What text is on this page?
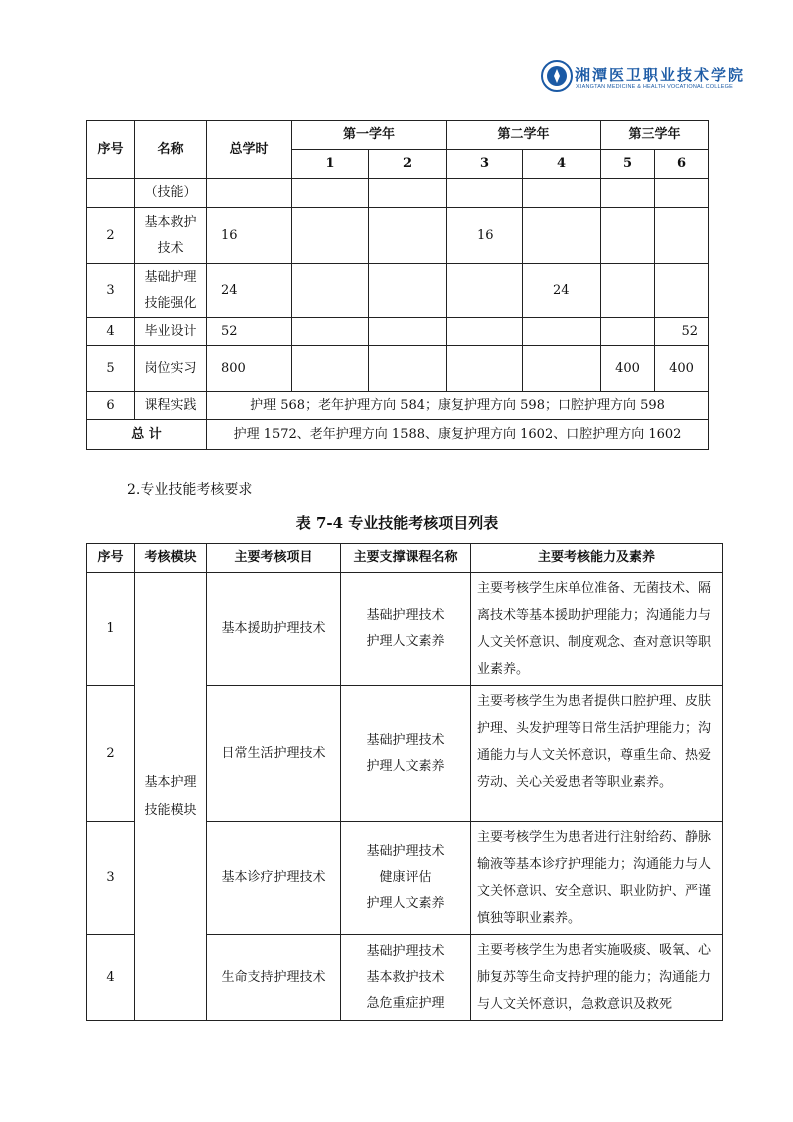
湘潭医卫职业技术学院
XIANGTAN MEDICINE & HEALTH VOCATIONAL COLLEGE
序号	名称	总学时	第一学年		第二学年		第三学年	
			1	2	3	4	5	6
	（技能）							
2	基本救护技术	16			16			
3	基础护理技能强化	24				24		
4	毕业设计	52						52
5	岗位实习	800					400	400
6	课程实践	护理 568；老年护理方向 584；康复护理方向 598；口腔护理方向 598						
总 计		护理 1572、老年护理方向 1588、康复护理方向 1602、口腔护理方向 1602						
2.专业技能考核要求
表 7-4 专业技能考核项目列表
序号	考核模块	主要考核项目	主要支撑课程名称	主要考核能力及素养
1	基本护理技能模块	基本援助护理技术	基础护理技术
护理人文素养	主要考核学生床单位准备、无菌技术、隔离技术等基本援助护理能力；沟通能力与人文关怀意识、制度观念、查对意识等职业素养。
2		日常生活护理技术	基础护理技术
护理人文素养	主要考核学生为患者提供口腔护理、皮肤护理、头发护理等日常生活护理能力；沟通能力与人文关怀意识，尊重生命、热爱劳动、关心关爱患者等职业素养。
3		基本诊疗护理技术	基础护理技术
健康评估
护理人文素养	主要考核学生为患者进行注射给药、静脉输液等基本诊疗护理能力；沟通能力与人文关怀意识、安全意识、职业防护、严谨慎独等职业素养。
4		生命支持护理技术	基础护理技术
基本救护技术
急危重症护理	主要考核学生为患者实施吸痰、吸氧、心肺复苏等生命支持护理的能力；沟通能力与人文关怀意识，急救意识及救死
